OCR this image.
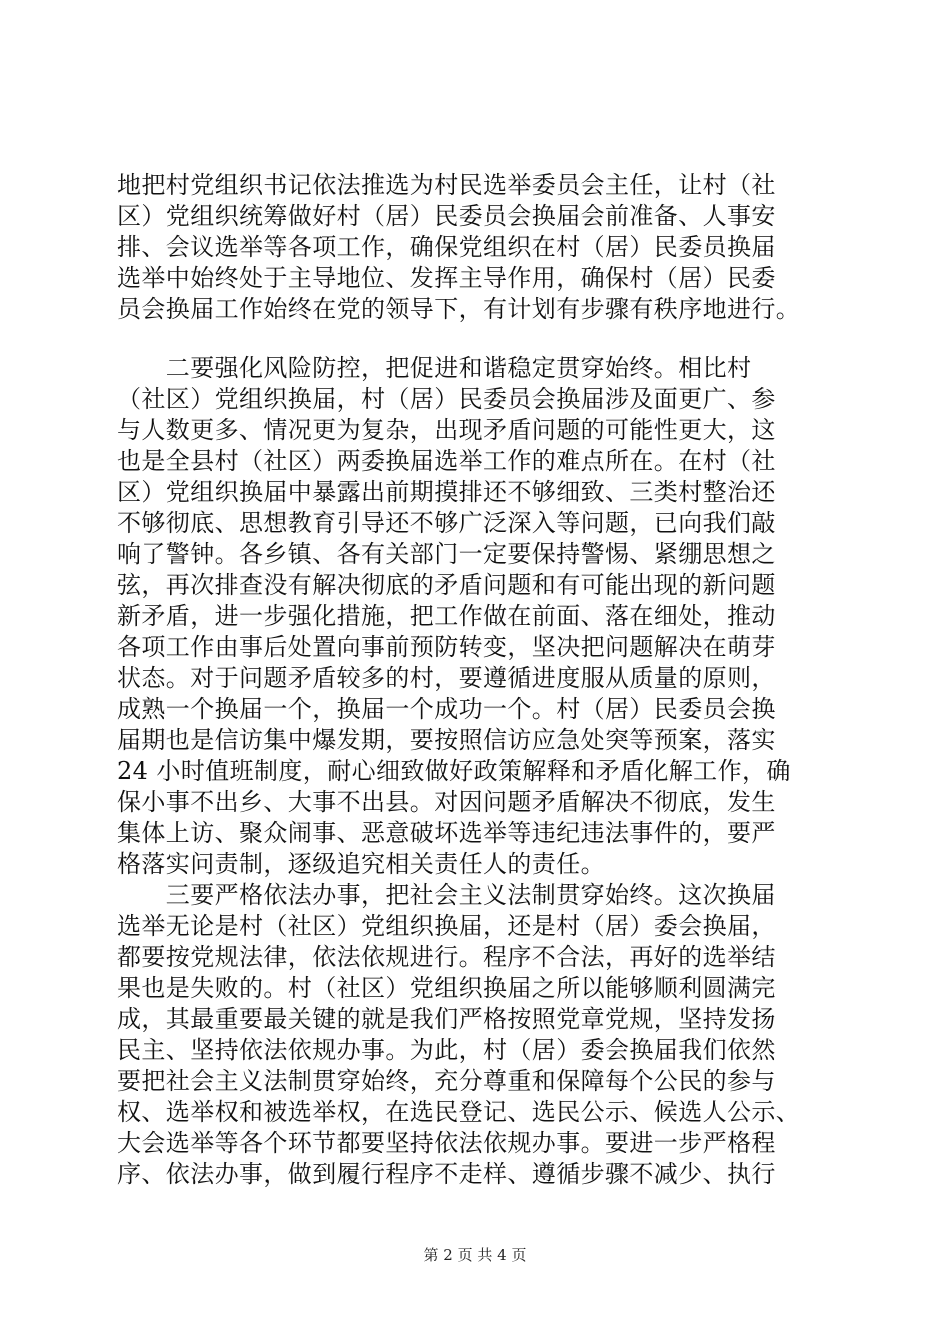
地把村党组织书记依法推选为村民选举委员会主任，让村（社
区）党组织统筹做好村（居）民委员会换届会前准备、人事安
排、会议选举等各项工作，确保党组织在村（居）民委员换届
选举中始终处于主导地位、发挥主导作用，确保村（居）民委
员会换届工作始终在党的领导下，有计划有步骤有秩序地进行。
　　二要强化风险防控，把促进和谐稳定贯穿始终。相比村
（社区）党组织换届，村（居）民委员会换届涉及面更广、参
与人数更多、情况更为复杂，出现矛盾问题的可能性更大，这
也是全县村（社区）两委换届选举工作的难点所在。在村（社
区）党组织换届中暴露出前期摸排还不够细致、三类村整治还
不够彻底、思想教育引导还不够广泛深入等问题，已向我们敲
响了警钟。各乡镇、各有关部门一定要保持警惕、紧绷思想之
弦，再次排查没有解决彻底的矛盾问题和有可能出现的新问题
新矛盾，进一步强化措施，把工作做在前面、落在细处，推动
各项工作由事后处置向事前预防转变，坚决把问题解决在萌芽
状态。对于问题矛盾较多的村，要遵循进度服从质量的原则，
成熟一个换届一个，换届一个成功一个。村（居）民委员会换
届期也是信访集中爆发期，要按照信访应急处突等预案，落实
24 小时值班制度，耐心细致做好政策解释和矛盾化解工作，确
保小事不出乡、大事不出县。对因问题矛盾解决不彻底，发生
集体上访、聚众闹事、恶意破坏选举等违纪违法事件的，要严
格落实问责制，逐级追究相关责任人的责任。
　　三要严格依法办事，把社会主义法制贯穿始终。这次换届
选举无论是村（社区）党组织换届，还是村（居）委会换届，
都要按党规法律，依法依规进行。程序不合法，再好的选举结
果也是失败的。村（社区）党组织换届之所以能够顺利圆满完
成，其最重要最关键的就是我们严格按照党章党规，坚持发扬
民主、坚持依法依规办事。为此，村（居）委会换届我们依然
要把社会主义法制贯穿始终，充分尊重和保障每个公民的参与
权、选举权和被选举权，在选民登记、选民公示、候选人公示、
大会选举等各个环节都要坚持依法依规办事。要进一步严格程
序、依法办事，做到履行程序不走样、遵循步骤不减少、执行
第 2 页 共 4 页
